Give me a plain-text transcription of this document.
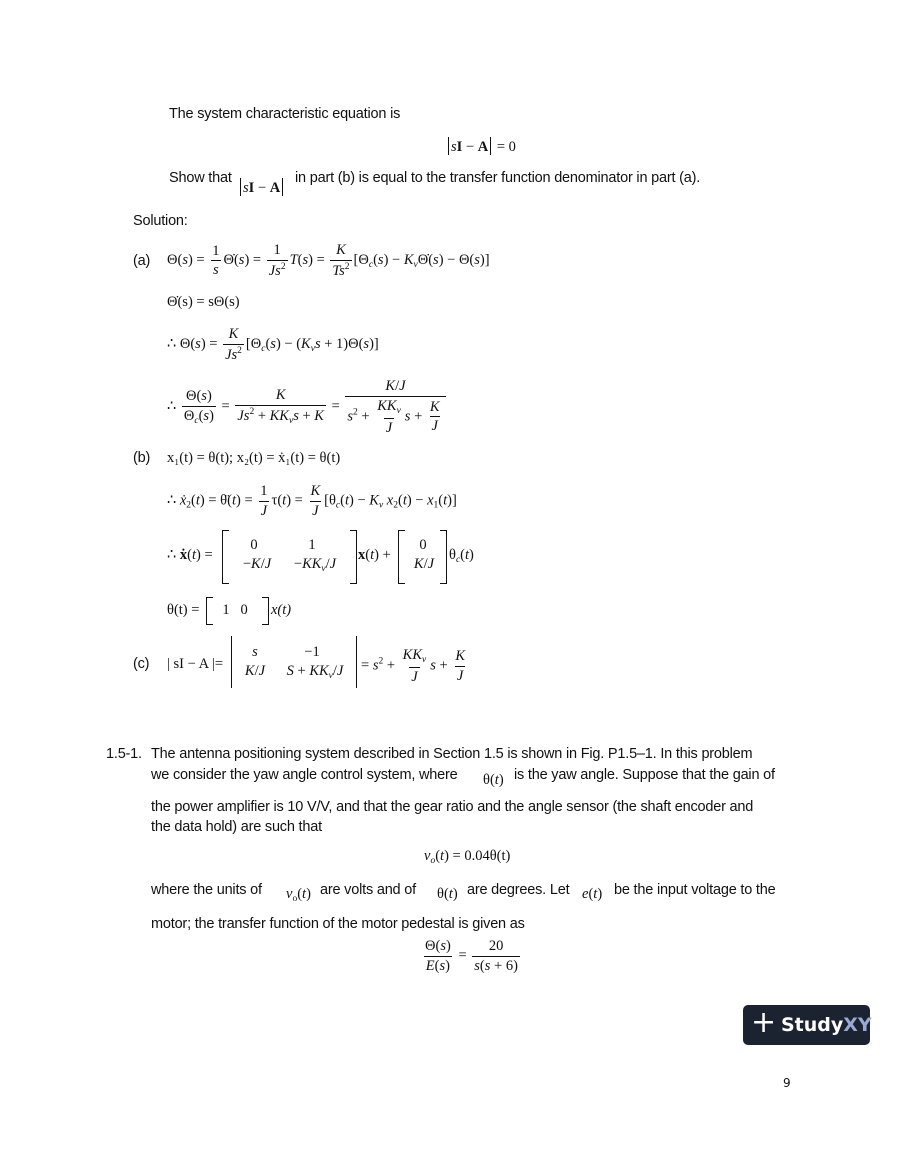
The system characteristic equation is
sI − A = 0
Show that
sI − A
in part (b) is equal to the transfer function denominator in part (a).
Solution:
(a) $\Theta(s) = \frac{1}{s}$ Θ̇(s) = $\frac{1}{Js^2} T(s) = \frac{K}{Ts^2} [\Theta_c(s)$ − $K_v\Thetȧ(s) - \Theta(s)$]
Θ̇(s) = sΘ(s)
∴ $\Theta(s) = \frac{K}{Js^2} [\Theta_c(s) - (K_vs + 1)\Theta(s)]$
∴ $\frac{\Theta(s)}{\Theta_c(s)} = \frac{K}{Js^2 + KK_vs + K} = \frac{K/J}{s^2 + \frac{KK_v}{J} s + \frac{K}{J}}$
(b) x₁(t) = θ(t); x₂(t) = ẋ₁(t) = θ(t)
∴ ẋ$_2$(t) = θ̈(t) = $\frac{1}{J} \tau(t) = \frac{K}{J} [\theta_c(t) - K_v$ $x_2(t) - x_1(t)$]
∴ ẋ(t) =
0	1
−K/J	$-KK_v/J$
x(t) +
0
K/J
$\theta_c(t)$
θ(t) =	1   0	x(t)
(c) | sI − A |=
s	−1
K/J	$S + KK_v/J$	= $s^2 + \frac{KK_v}{J}$ $s + \frac{K}{J}$
1.5-1. The antenna positioning system described in Section 1.5 is shown in Fig. P1.5–1. In this problem
we consider the yaw angle control system, where θ(t) is the yaw angle. Suppose that the gain of
the power amplifier is 10 V/V, and that the gear ratio and the angle sensor (the shaft encoder and
the data hold) are such that
$v_o(t) = 0.04\theta(t)$
where the units of $v_o(t)$ are volts and of θ(t) are degrees. Let e(t) be the input voltage to the
motor; the transfer function of the motor pedestal is given as
$\frac{\Theta(s)}{E(s)} = \frac{20}{s(s + 6)}$
+ StudyXY
9
